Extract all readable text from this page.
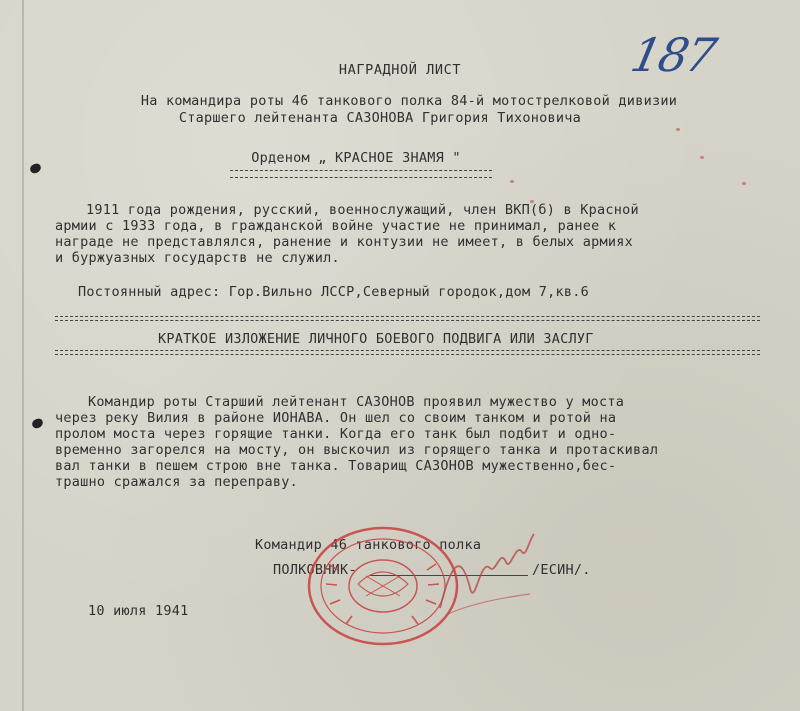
187
НАГРАДНОЙ ЛИСТ
На командира роты 46 танкового полка 84-й мотострелковой дивизии
Старшего лейтенанта САЗОНОВА Григория Тихоновича
Орденом „ КРАСНОЕ ЗНАМЯ "
1911 года рождения, русский, военнослужащий, член ВКП(б) в Красной
армии с 1933 года, в гражданской войне участие не принимал, ранее к
награде не представлялся, ранение и контузии не имеет, в белых армиях
и буржуазных государств не служил.
Постоянный адрес: Гор.Вильно ЛССР,Северный городок,дом 7,кв.6
КРАТКОЕ ИЗЛОЖЕНИЕ ЛИЧНОГО БОЕВОГО ПОДВИГА ИЛИ ЗАСЛУГ
Командир роты Старший лейтенант САЗОНОВ проявил мужество у моста
через реку Вилия в районе ИОНАВА. Он шел со своим танком и ротой на
пролом моста через горящие танки. Когда его танк был подбит и одно-
временно загорелся на мосту, он выскочил из горящего танка и протаскивал
вал танки в пешем строю вне танка. Товарищ САЗОНОВ мужественно,бес-
трашно сражался за переправу.
Командир 46 танкового полка
ПОЛКОВНИК-	/ЕСИН/.
10 июля 1941
